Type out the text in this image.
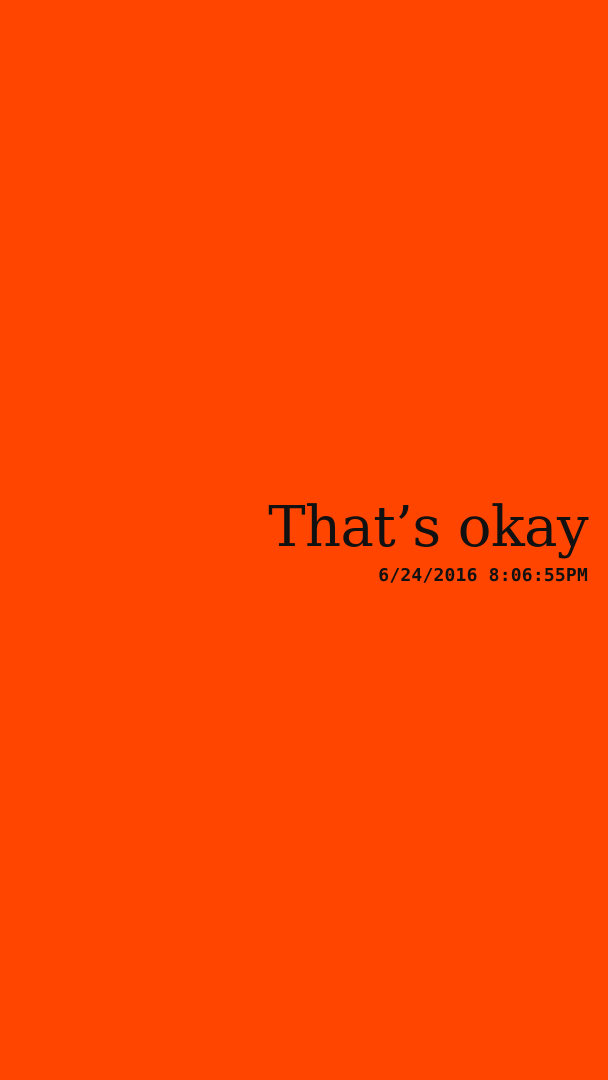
That’s okay
6/24/2016 8:06:55PM
